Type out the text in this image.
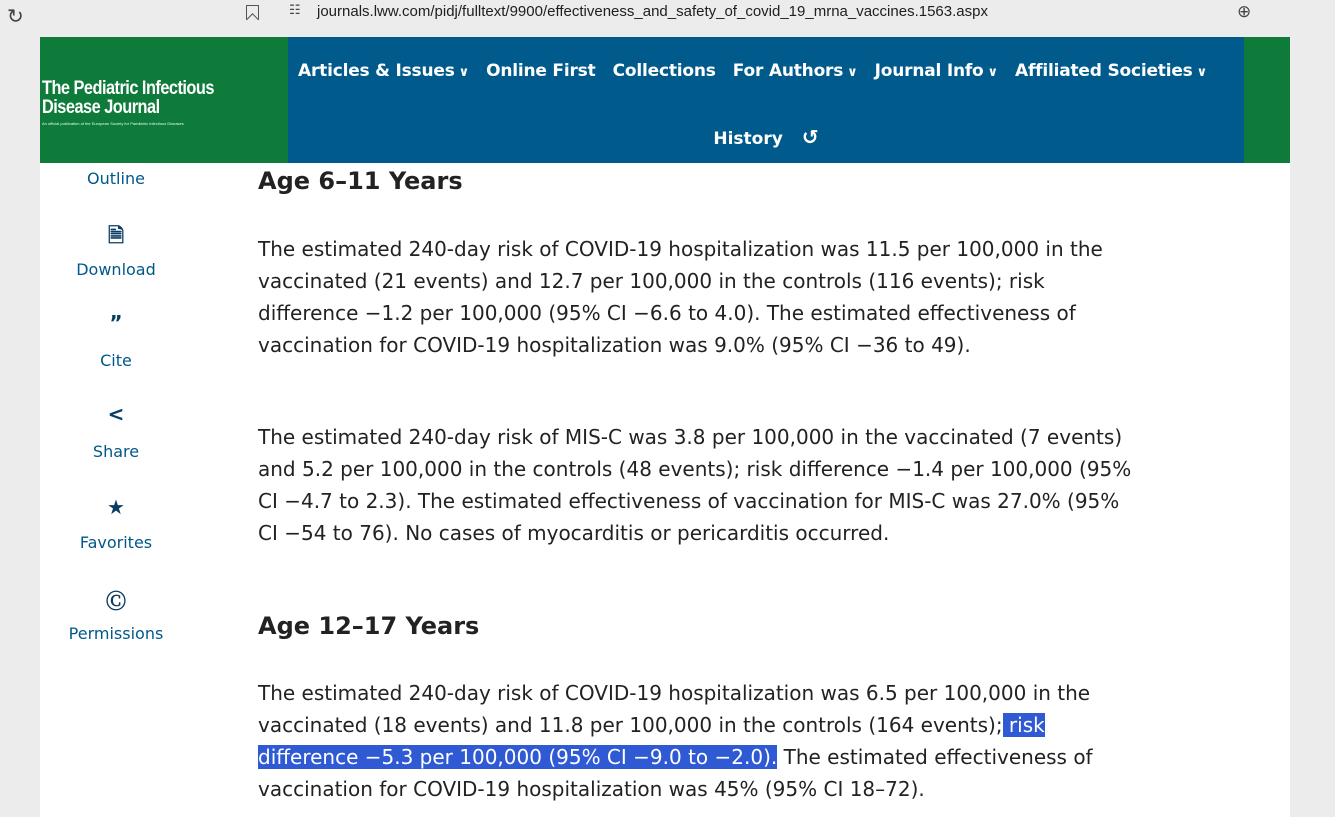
↻	☷ journals.lww.com/pidj/fulltext/9900/effectiveness_and_safety_of_covid_19_mrna_vaccines.1563.aspx	⊕
The Pediatric Infectious
Disease Journal
An official publication of the European Society for Paediatric Infectious Diseases
Articles & Issues ∨ Online First Collections For Authors ∨ Journal Info ∨ Affiliated Societies ∨
History ↺
Outline
🗎
Download
”
Cite
<
Share
★
Favorites
Ⓒ
Permissions
Age 6–11 Years

The estimated 240-day risk of COVID-19 hospitalization was 11.5 per 100,000 in the vaccinated (21 events) and 12.7 per 100,000 in the controls (116 events); risk difference −1.2 per 100,000 (95% CI −6.6 to 4.0). The estimated effectiveness of vaccination for COVID-19 hospitalization was 9.0% (95% CI −36 to 49).

The estimated 240-day risk of MIS-C was 3.8 per 100,000 in the vaccinated (7 events) and 5.2 per 100,000 in the controls (48 events); risk difference −1.4 per 100,000 (95% CI −4.7 to 2.3). The estimated effectiveness of vaccination for MIS-C was 27.0% (95% CI −54 to 76). No cases of myocarditis or pericarditis occurred.

Age 12–17 Years

The estimated 240-day risk of COVID-19 hospitalization was 6.5 per 100,000 in the vaccinated (18 events) and 11.8 per 100,000 in the controls (164 events); risk
difference −5.3 per 100,000 (95% CI −9.0 to −2.0). The estimated effectiveness of
vaccination for COVID-19 hospitalization was 45% (95% CI 18–72).
